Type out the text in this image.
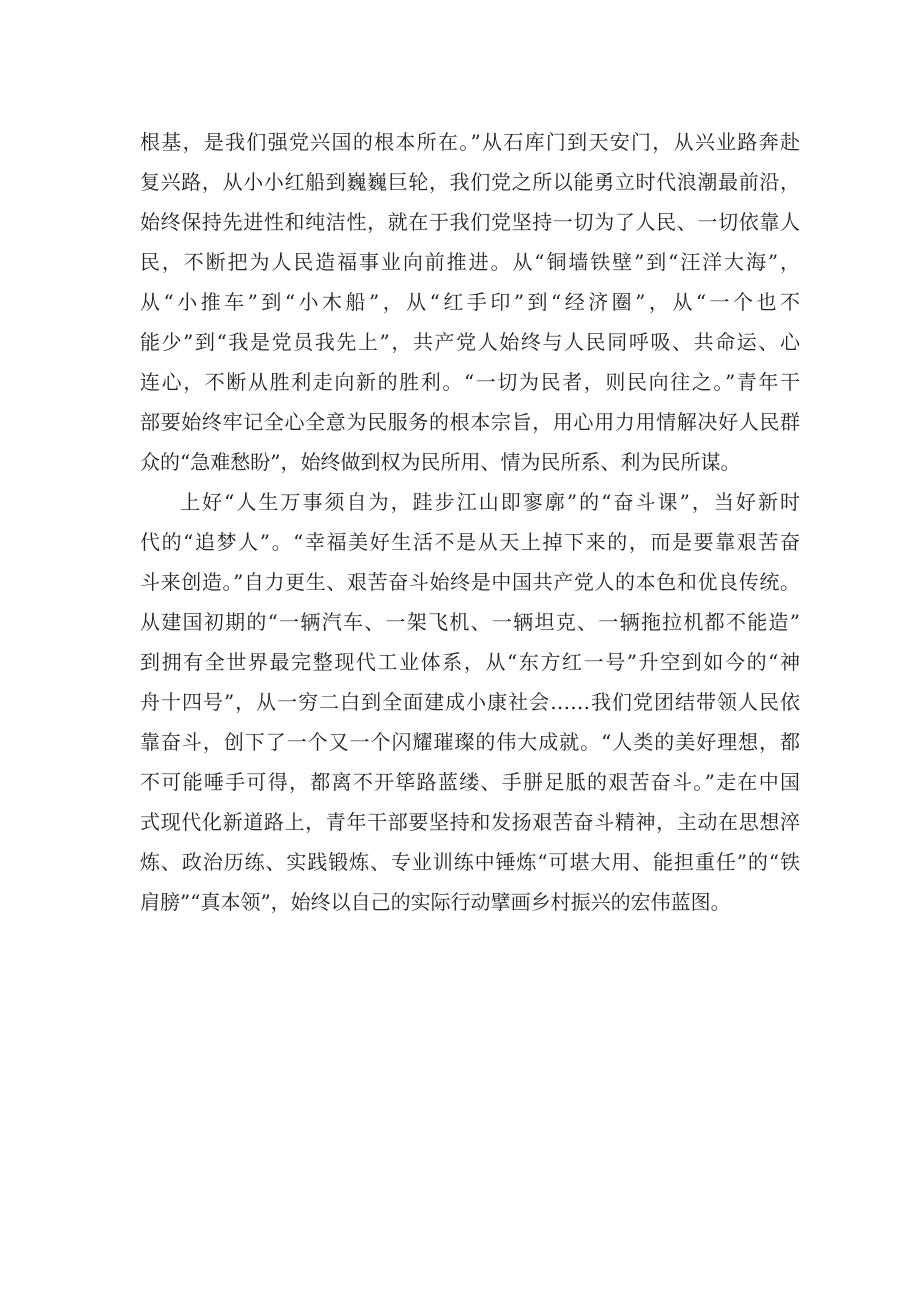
根基，是我们强党兴国的根本所在。”从石库门到天安门，从兴业路奔赴
复兴路，从小小红船到巍巍巨轮，我们党之所以能勇立时代浪潮最前沿，
始终保持先进性和纯洁性，就在于我们党坚持一切为了人民、一切依靠人
民，不断把为人民造福事业向前推进。从“铜墙铁壁”到“汪洋大海”，
从“小推车”到“小木船”，从“红手印”到“经济圈”，从“一个也不
能少”到“我是党员我先上”，共产党人始终与人民同呼吸、共命运、心
连心，不断从胜利走向新的胜利。“一切为民者，则民向往之。”青年干
部要始终牢记全心全意为民服务的根本宗旨，用心用力用情解决好人民群
众的“急难愁盼”，始终做到权为民所用、情为民所系、利为民所谋。
上好“人生万事须自为，跬步江山即寥廓”的“奋斗课”，当好新时
代的“追梦人”。“幸福美好生活不是从天上掉下来的，而是要靠艰苦奋
斗来创造。”自力更生、艰苦奋斗始终是中国共产党人的本色和优良传统。
从建国初期的“一辆汽车、一架飞机、一辆坦克、一辆拖拉机都不能造”
到拥有全世界最完整现代工业体系，从“东方红一号”升空到如今的“神
舟十四号”，从一穷二白到全面建成小康社会……我们党团结带领人民依
靠奋斗，创下了一个又一个闪耀璀璨的伟大成就。“人类的美好理想，都
不可能唾手可得，都离不开筚路蓝缕、手胼足胝的艰苦奋斗。”走在中国
式现代化新道路上，青年干部要坚持和发扬艰苦奋斗精神，主动在思想淬
炼、政治历练、实践锻炼、专业训练中锤炼“可堪大用、能担重任”的“铁
肩膀”“真本领”，始终以自己的实际行动擘画乡村振兴的宏伟蓝图。
